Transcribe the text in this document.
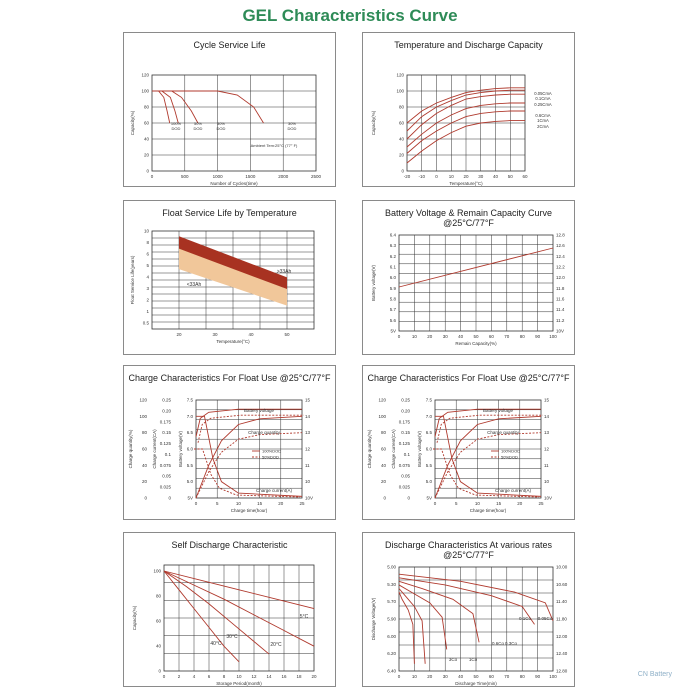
GEL Characteristics Curve
Cycle Service Life
0	500	1000	1500	2000	2500
0
20
40
60
80
100
120
Number of Cycles(time)
Capacity(%)	100%
DOD
50%
DOD
30%
DOD
30%
DOD
Ambient Tem:25°C (77° F)
Temperature and Discharge Capacity
-20 -10 0 10 20 30 40 50 60
0
20
40
60
80
100
120
Temperature(°C)
Capacity(%)
0.05CmA
0.1CmA
0.25CmA
0.6CmA
1CmA
2CmA
Float Service Life by Temperature
20	30	40	50
10
8
6
5
4
3
2
1
0.5
Temperature(°C)
Float Service Life(years)	>33Ah
<33Ah
Battery Voltage & Remain Capacity Curve @25°C/77°F
0	10 20 30 40 50 60 70 80 90 100
5V
5.6
5.7
5.8
5.9
6.0
6.1
6.2
6.3
6.4
10V
11.2
11.4
11.6
11.8
12.0
12.2
12.4
12.6
12.8
Remain Capacity(%)
Battery voltage(V)
Charge Characteristics For Float Use @25°C/77°F
0	5	10	15	20	25
5V
5.0
5.5
6.0
6.5
7.0
7.5
10V
10
11
12
13
14
15
0
20
40
60
80
100
120
0
0.025
0.05
0.075
0.1
0.125
0.15
0.175
0.20
0.25
Charge time(hour)
Charge quantity(%)	Charge current(CA)	Battery voltage(V)
Battery voltage
Charge quantity
Charge current(A)
100%DOD
50%DOD
Charge Characteristics For Float Use @25°C/77°F
0	5	10	15	20	25
5V
5.0
5.5
6.0
6.5
7.0
7.5
10V
10
11
12
13
14
15
0
20
40
60
80
100
120
0
0.025
0.05
0.075
0.1
0.125
0.15
0.175
0.20
0.25
Charge time(hour)
Charge quantity(%)	Charge current(CA)	Battery voltage(V)
Battery voltage
Charge quantity
Charge current(A)
100%DOD
50%DOD
Self Discharge Characteristic
0	2	4	6	8 10 12 14 16 18 20
0
40
60
80
100
Storage Period(month)
Capacity(%)	5°C
40°C
30°C
20°C
Discharge Characteristics At various rates @25°C/77°F
0	10 20 30 40 50 60 70 80 90 100
5.00
5.30
5.70
5.90
6.00
6.20
6.40
10.00
10.60
11.40
11.80
12.00
12.40
12.80
Discharge Time(min)
Discharge Voltage(V)	0.1Co 0.05Co
0.6Co 0.3Co
3Co	1Co
CN Battery
